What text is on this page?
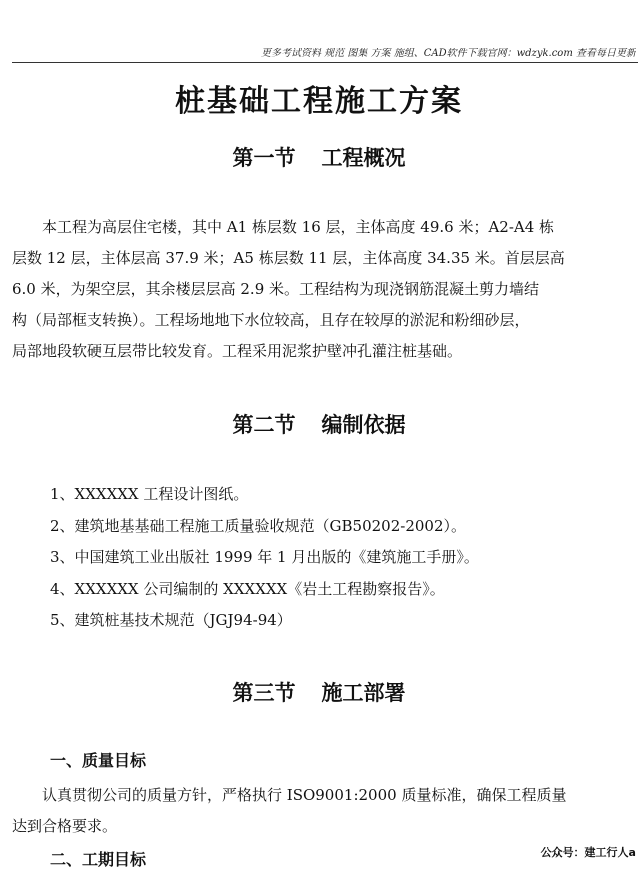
更多考试资料 规范 图集 方案 施组、CAD软件下载官网：wdzyk.com 查看每日更新
桩基础工程施工方案
第一节 工程概况
　　本工程为高层住宅楼，其中 A1 栋层数 16 层，主体高度 49.6 米；A2-A4 栋
层数 12 层，主体层高 37.9 米；A5 栋层数 11 层，主体高度 34.35 米。首层层高
6.0 米，为架空层，其余楼层层高 2.9 米。工程结构为现浇钢筋混凝土剪力墙结
构（局部框支转换）。工程场地地下水位较高，且存在较厚的淤泥和粉细砂层，
局部地段软硬互层带比较发育。工程采用泥浆护壁冲孔灌注桩基础。
第二节 编制依据
1、XXXXXX 工程设计图纸。
2、建筑地基基础工程施工质量验收规范（GB50202-2002）。
3、中国建筑工业出版社 1999 年 1 月出版的《建筑施工手册》。
4、XXXXXX 公司编制的 XXXXXX《岩土工程勘察报告》。
5、建筑桩基技术规范（JGJ94-94）
第三节 施工部署
一、质量目标
　　认真贯彻公司的质量方针，严格执行 ISO9001:2000 质量标准，确保工程质量
达到合格要求。
二、工期目标	公众号：建工行人a
